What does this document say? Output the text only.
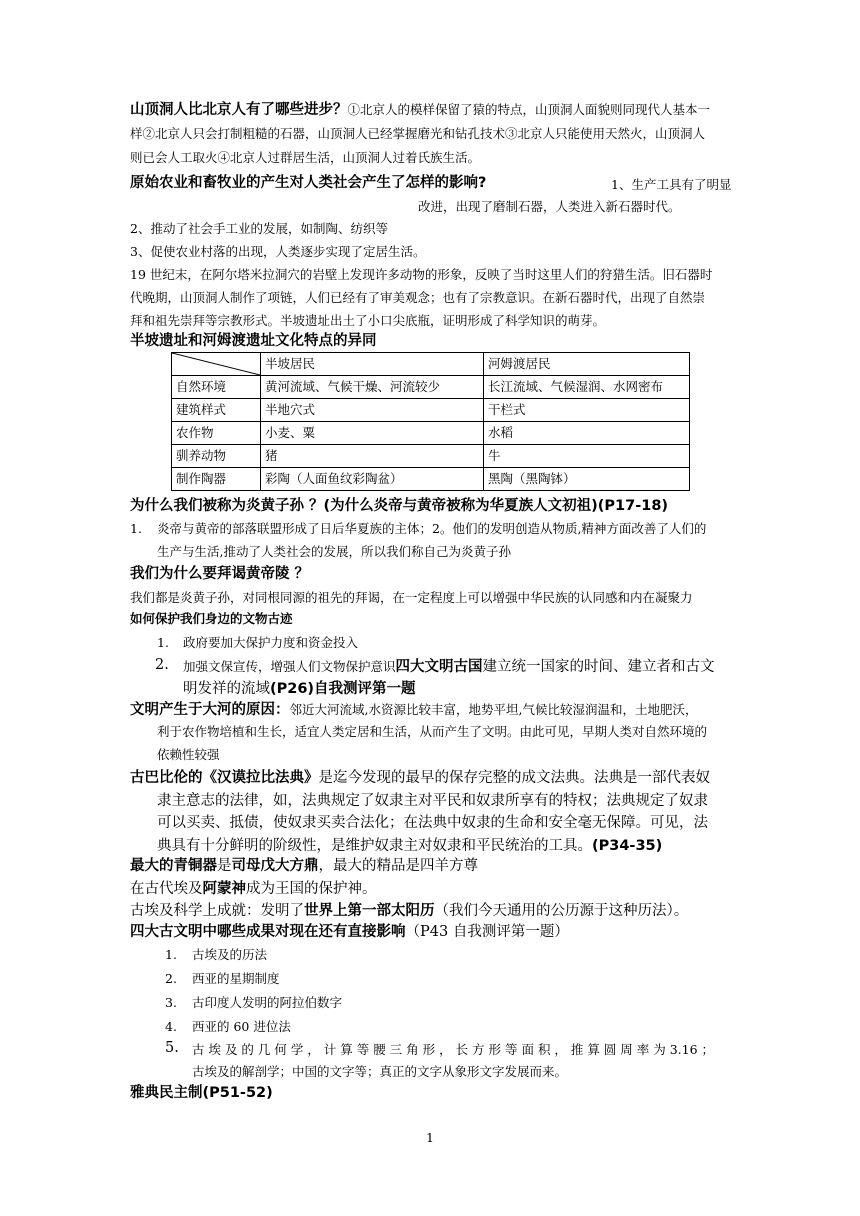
山顶洞人比北京人有了哪些进步？①北京人的模样保留了猿的特点，山顶洞人面貌则同现代人基本一
样②北京人只会打制粗糙的石器，山顶洞人已经掌握磨光和钻孔技术③北京人只能使用天然火，山顶洞人
则已会人工取火④北京人过群居生活，山顶洞人过着氏族生活。
原始农业和畜牧业的产生对人类社会产生了怎样的影响?	1、生产工具有了明显
改进，出现了磨制石器，人类进入新石器时代。
2、推动了社会手工业的发展，如制陶、纺织等
3、促使农业村落的出现，人类逐步实现了定居生活。
19 世纪末，在阿尔塔米拉洞穴的岩壁上发现许多动物的形象，反映了当时这里人们的狩猎生活。旧石器时
代晚期，山顶洞人制作了项链，人们已经有了审美观念；也有了宗教意识。在新石器时代，出现了自然崇
拜和祖先崇拜等宗教形式。半坡遗址出土了小口尖底瓶，证明形成了科学知识的萌芽。
半坡遗址和河姆渡遗址文化特点的异同
	半坡居民	河姆渡居民
自然环境	黄河流域、气候干燥、河流较少	长江流域、气候湿润、水网密布
建筑样式	半地穴式	干栏式
农作物	小麦、粟	水稻
驯养动物	猪	牛
制作陶器	彩陶（人面鱼纹彩陶盆）	黑陶（黑陶钵）
为什么我们被称为炎黄子孙 ？(为什么炎帝与黄帝被称为华夏族人文初祖)(P17-18)
1. 炎帝与黄帝的部落联盟形成了日后华夏族的主体；2。他们的发明创造从物质,精神方面改善了人们的
生产与生活,推动了人类社会的发展，所以我们称自己为炎黄子孙
我们为什么要拜谒黄帝陵 ？
我们都是炎黄子孙，对同根同源的祖先的拜谒，在一定程度上可以增强中华民族的认同感和内在凝聚力
如何保护我们身边的文物古迹
1. 政府要加大保护力度和资金投入
2. 加强文保宣传，增强人们文物保护意识四大文明古国建立统一国家的时间、建立者和古文
明发祥的流域(P26)自我测评第一题
文明产生于大河的原因：邻近大河流域,水资源比较丰富，地势平坦,气候比较湿润温和，土地肥沃，
利于农作物培植和生长，适宜人类定居和生活，从而产生了文明。由此可见，早期人类对自然环境的
依赖性较强
古巴比伦的《汉谟拉比法典》是迄今发现的最早的保存完整的成文法典。法典是一部代表奴
隶主意志的法律，如，法典规定了奴隶主对平民和奴隶所享有的特权；法典规定了奴隶
可以买卖、抵债，使奴隶买卖合法化；在法典中奴隶的生命和安全毫无保障。可见，法
典具有十分鲜明的阶级性，是维护奴隶主对奴隶和平民统治的工具。(P34-35)
最大的青铜器是司母戊大方鼎，最大的精品是四羊方尊
在古代埃及阿蒙神成为王国的保护神。
古埃及科学上成就：发明了世界上第一部太阳历（我们今天通用的公历源于这种历法）。
四大古文明中哪些成果对现在还有直接影响（P43 自我测评第一题）
1. 古埃及的历法
2. 西亚的星期制度
3. 古印度人发明的阿拉伯数字
4. 西亚的 60 进位法
5. 古 埃 及 的 几 何 学 ， 计 算 等 腰 三 角 形 ， 长 方 形 等 面 积 ， 推 算 圆 周 率 为 3.16 ；
古埃及的解剖学；中国的文字等；真正的文字从象形文字发展而来。
雅典民主制(P51-52)
1
